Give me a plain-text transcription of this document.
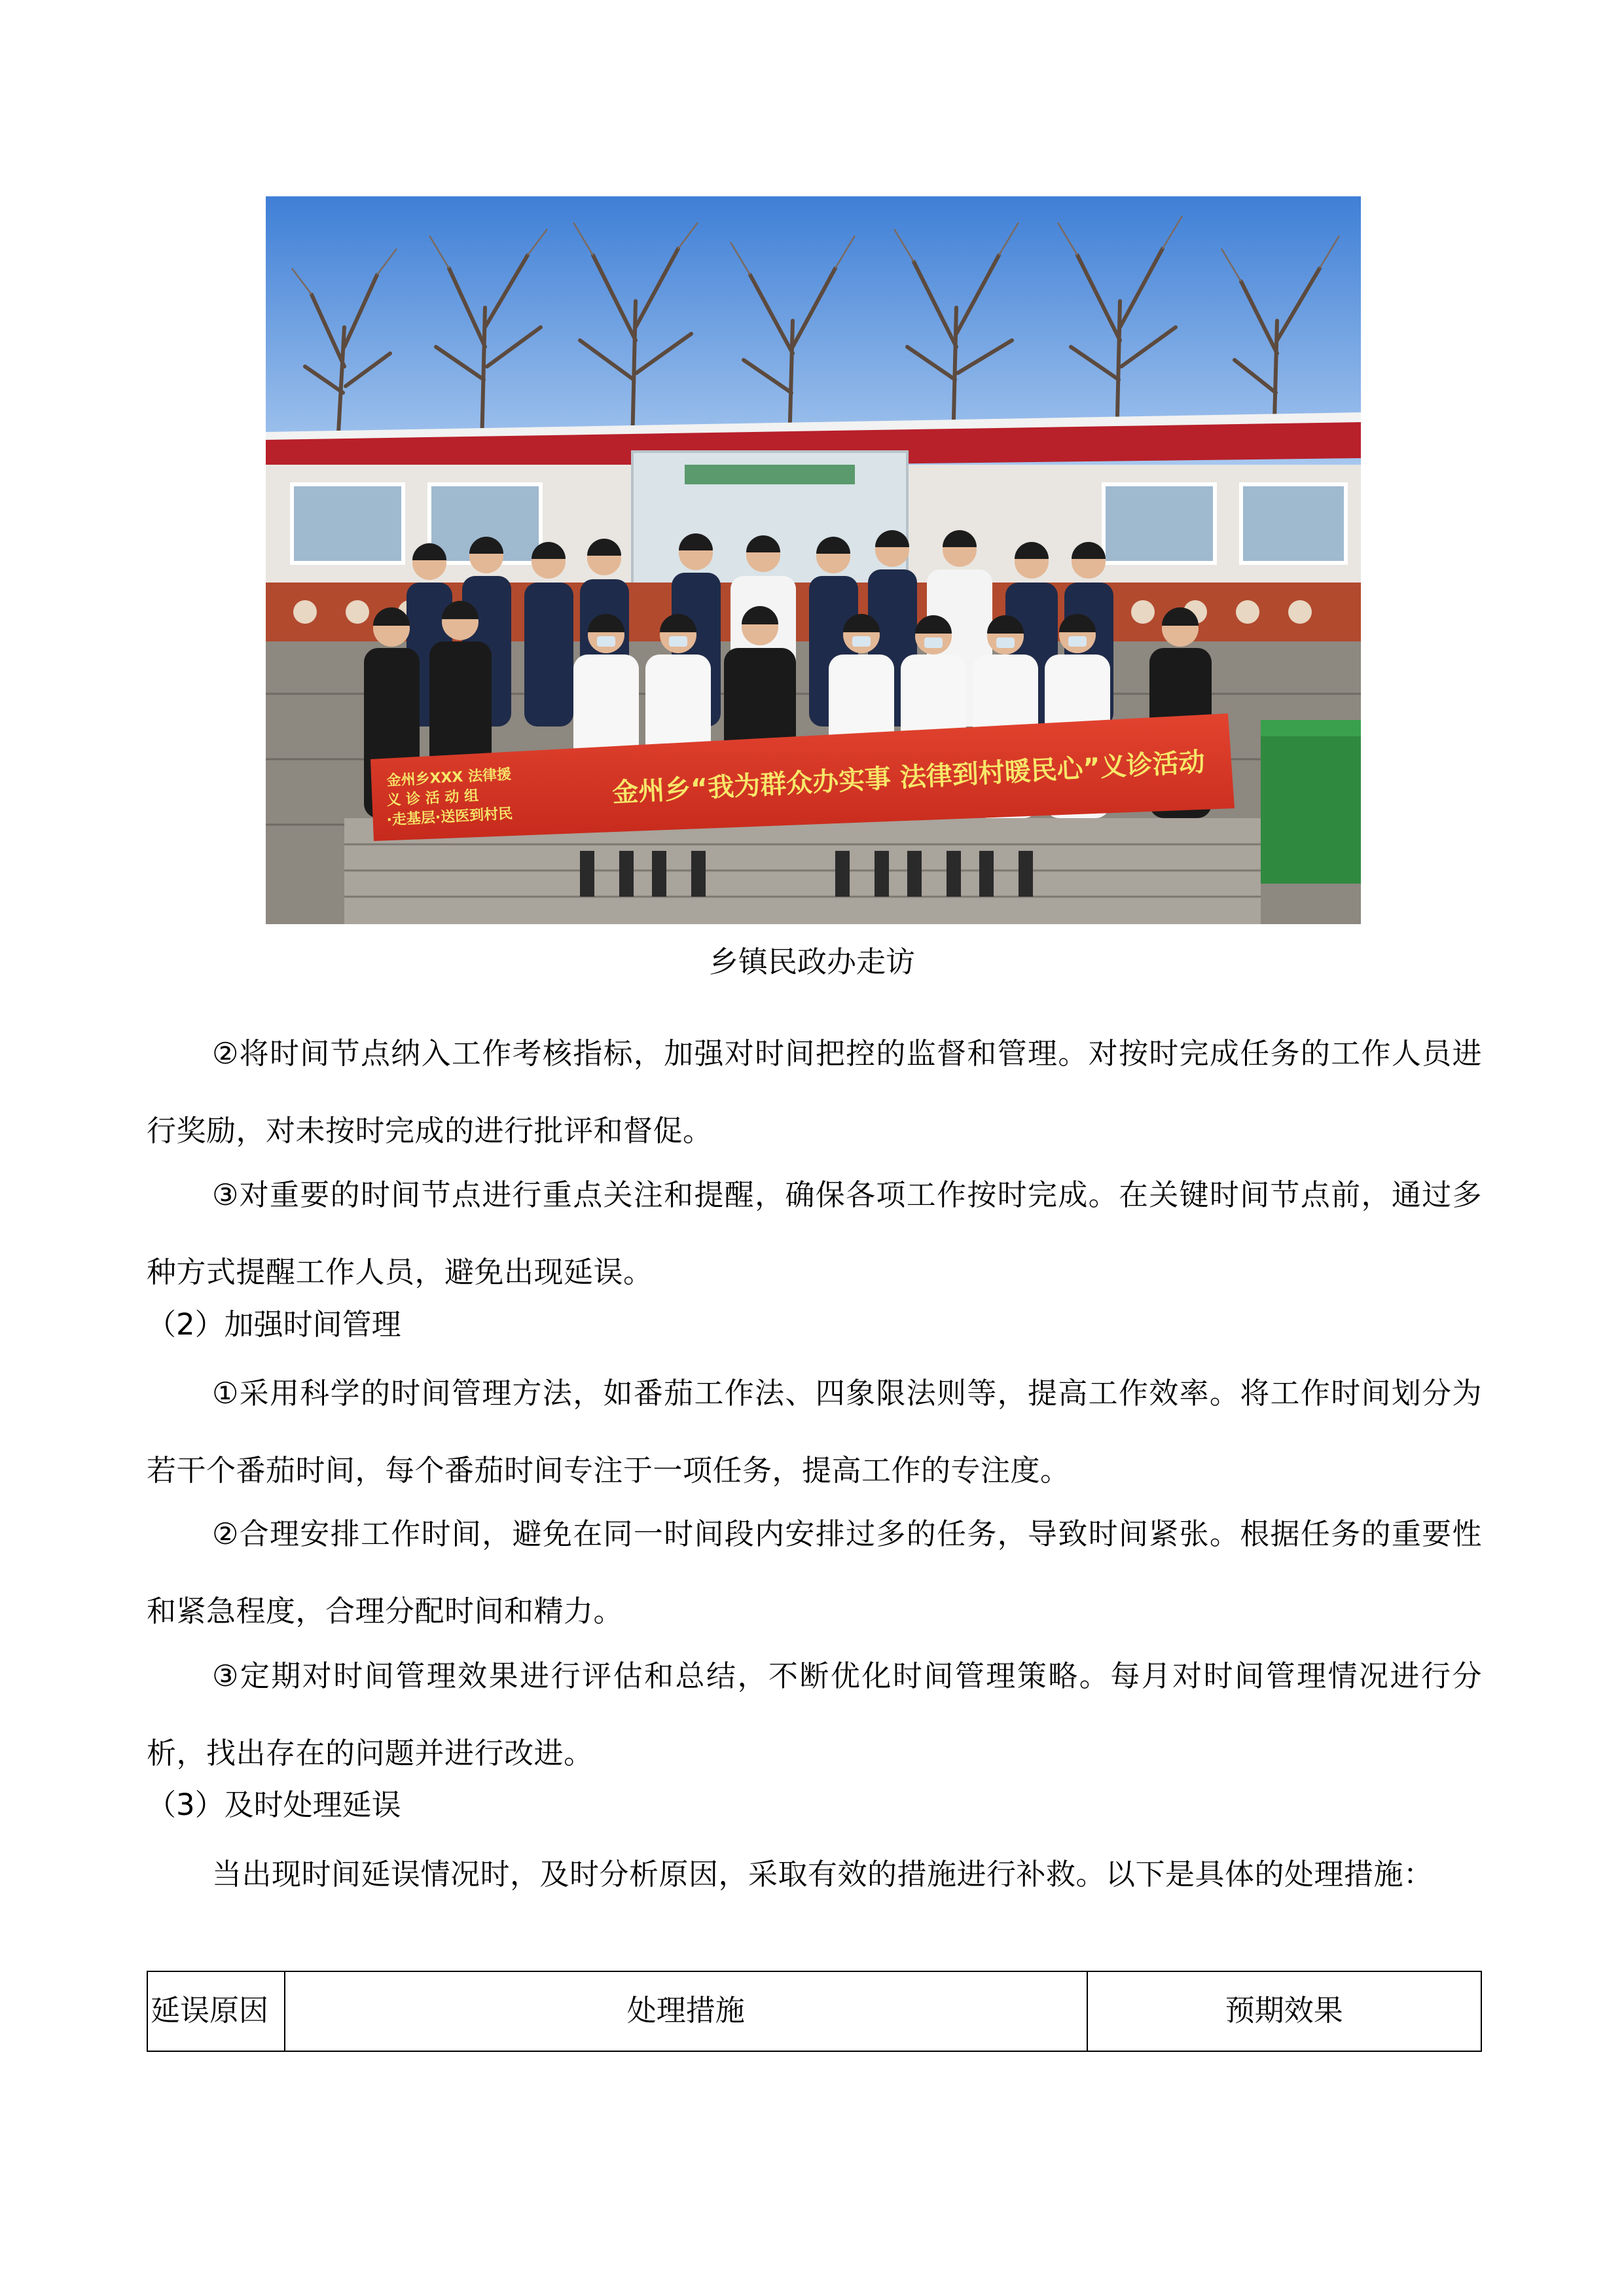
金州乡XXX 法律援
义 诊 活 动 组
·走基层·送医到村民
金州乡“我为群众办实事 法律到村暖民心”义诊活动
乡镇民政办走访

②将时间节点纳入工作考核指标，加强对时间把控的监督和管理。对按时完成任务的工作人员进行奖励，对未按时完成的进行批评和督促。

③对重要的时间节点进行重点关注和提醒，确保各项工作按时完成。在关键时间节点前，通过多种方式提醒工作人员，避免出现延误。

（2）加强时间管理

①采用科学的时间管理方法，如番茄工作法、四象限法则等，提高工作效率。将工作时间划分为若干个番茄时间，每个番茄时间专注于一项任务，提高工作的专注度。

②合理安排工作时间，避免在同一时间段内安排过多的任务，导致时间紧张。根据任务的重要性和紧急程度，合理分配时间和精力。

③定期对时间管理效果进行评估和总结，不断优化时间管理策略。每月对时间管理情况进行分析，找出存在的问题并进行改进。

（3）及时处理延误

当出现时间延误情况时，及时分析原因，采取有效的措施进行补救。以下是具体的处理措施：

延误原因	处理措施	预期效果
